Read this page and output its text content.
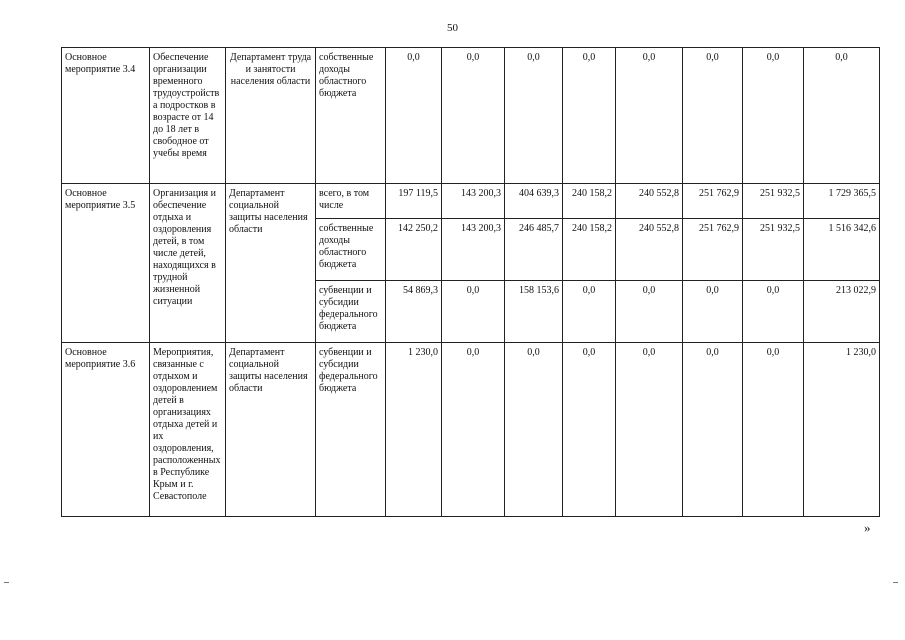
50
Основное мероприятие 3.4	Обеспечение организации временного трудоустройства подростков в возрасте от 14 до 18 лет в свободное от учебы время	Департамент труда и занятости населения области	собственные доходы областного бюджета	0,0	0,0	0,0	0,0	0,0	0,0	0,0	0,0
Основное мероприятие 3.5	Организация и обеспечение отдыха и оздоровления детей, в том числе детей, находящихся в трудной жизненной ситуации	Департамент социальной защиты населения области	всего, в том числе	197 119,5	143 200,3	404 639,3	240 158,2	240 552,8	251 762,9	251 932,5	1 729 365,5
			собственные доходы областного бюджета	142 250,2	143 200,3	246 485,7	240 158,2	240 552,8	251 762,9	251 932,5	1 516 342,6
			субвенции и субсидии федерального бюджета	54 869,3	0,0	158 153,6	0,0	0,0	0,0	0,0	213 022,9
Основное мероприятие 3.6	Мероприятия, связанные с отдыхом и оздоровлением детей в организациях отдыха детей и их оздоровления, расположенных в Республике Крым и г. Севастополе	Департамент социальной защиты населения области	субвенции и субсидии федерального бюджета	1 230,0	0,0	0,0	0,0	0,0	0,0	0,0	1 230,0
»
